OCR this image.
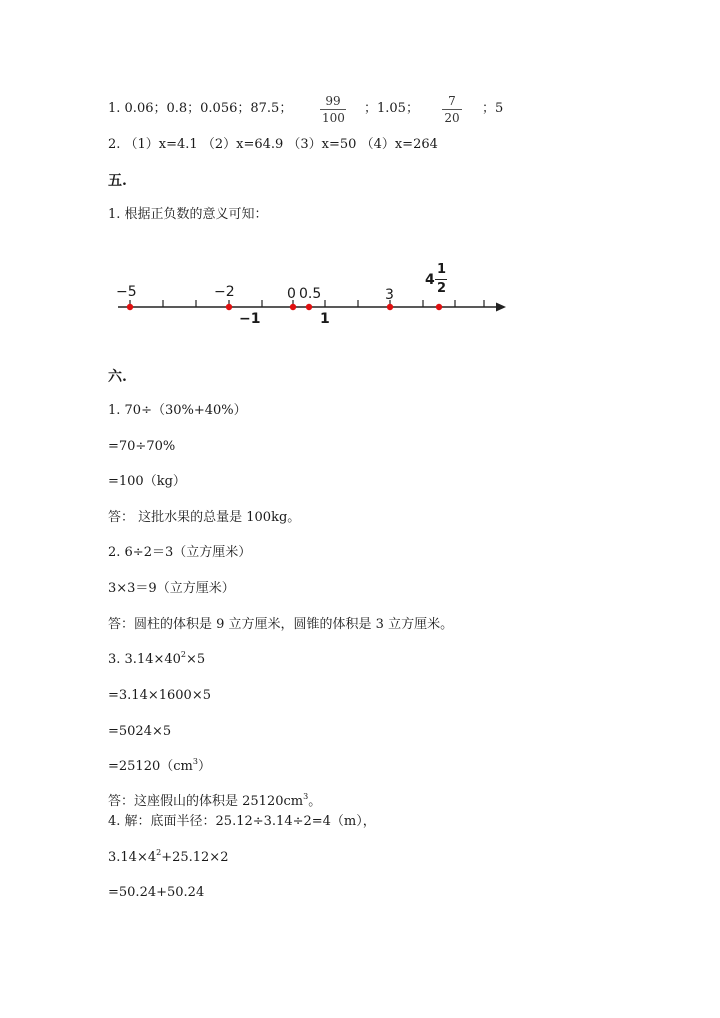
1. 0.06；0.8；0.056；87.5；	99
100
；1.05；	7
20
；5
2. （1）x=4.1 （2）x=64.9 （3）x=50 （4）x=264
五.
1. 根据正负数的意义可知：
−5	−2	0 0.5	3
4
1
2
−1	1
六.
1. 70÷（30%+40%）
=70÷70%
=100（kg）
答： 这批水果的总量是 100kg。
2. 6÷2＝3（立方厘米）
3×3＝9（立方厘米）
答：圆柱的体积是 9 立方厘米，圆锥的体积是 3 立方厘米。
3. $3.14\times 40^2\times 5$
=3.14×1600×5
=5024×5
$=25120(cm^3)$
答：这座假山的体积是 $25120cm^3$。
4. 解：底面半径：25.12÷3.14÷2=4（m），
$3.14\times 4^2+25.12\times 2$
=50.24+50.24
